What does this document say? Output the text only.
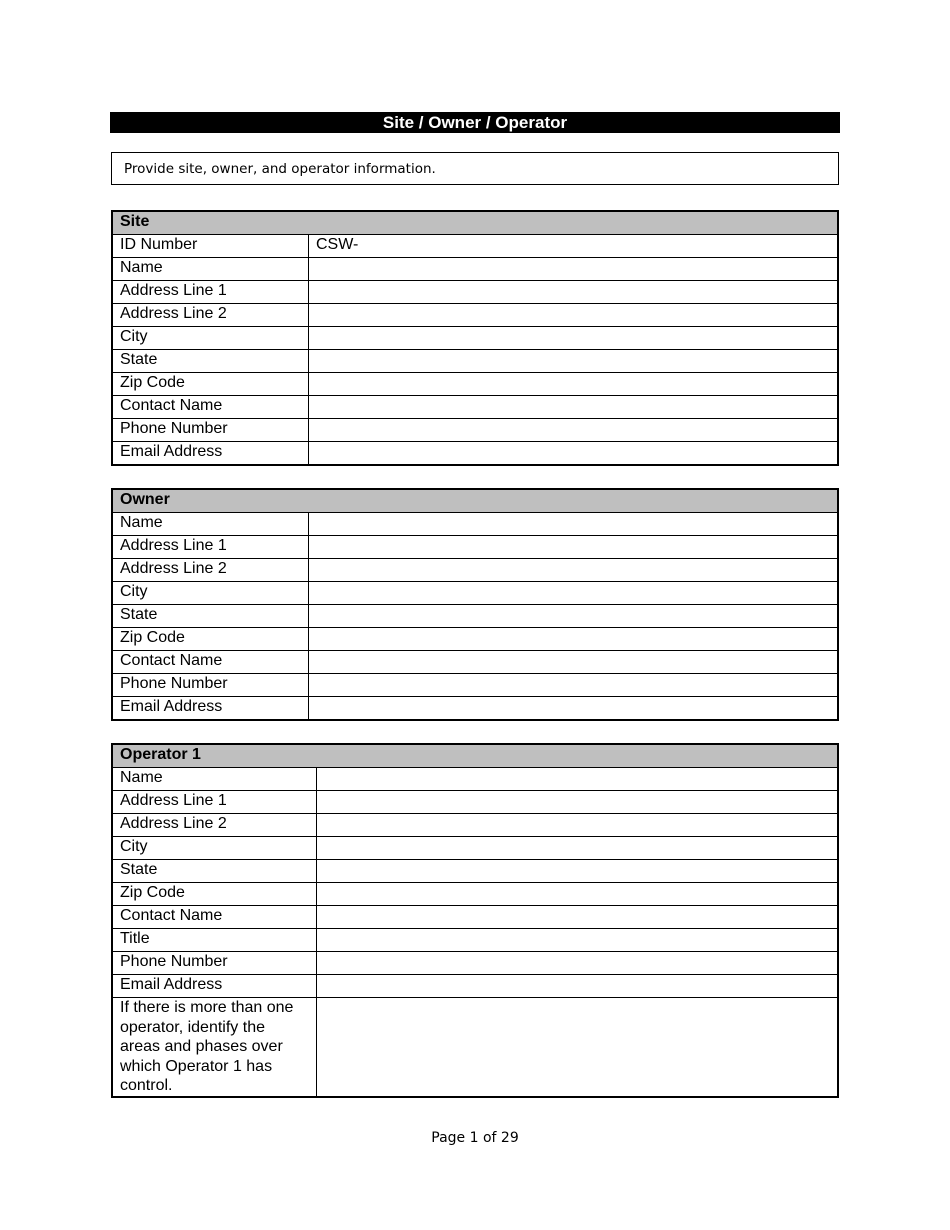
Site / Owner / Operator
Provide site, owner, and operator information.
Site	
ID Number	CSW-
Name	
Address Line 1	
Address Line 2	
City	
State	
Zip Code	
Contact Name	
Phone Number	
Email Address	
Owner	
Name	
Address Line 1	
Address Line 2	
City	
State	
Zip Code	
Contact Name	
Phone Number	
Email Address	
Operator 1	
Name	
Address Line 1	
Address Line 2	
City	
State	
Zip Code	
Contact Name	
Title	
Phone Number	
Email Address	
If there is more than one operator, identify the areas and phases over which Operator 1 has control.	
Page 1 of 29
